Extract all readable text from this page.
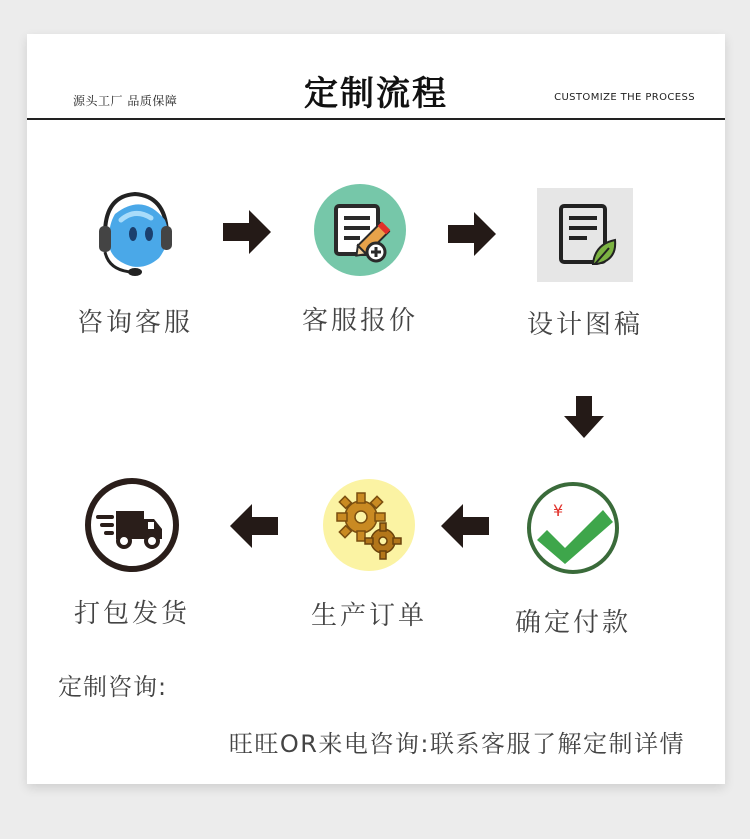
源头工厂 品质保障	定制流程	CUSTOMIZE THE PROCESS
咨询客服	客服报价	设计图稿
¥
确定付款
生产订单
打包发货
定制咨询:
旺旺OR来电咨询:联系客服了解定制详情
